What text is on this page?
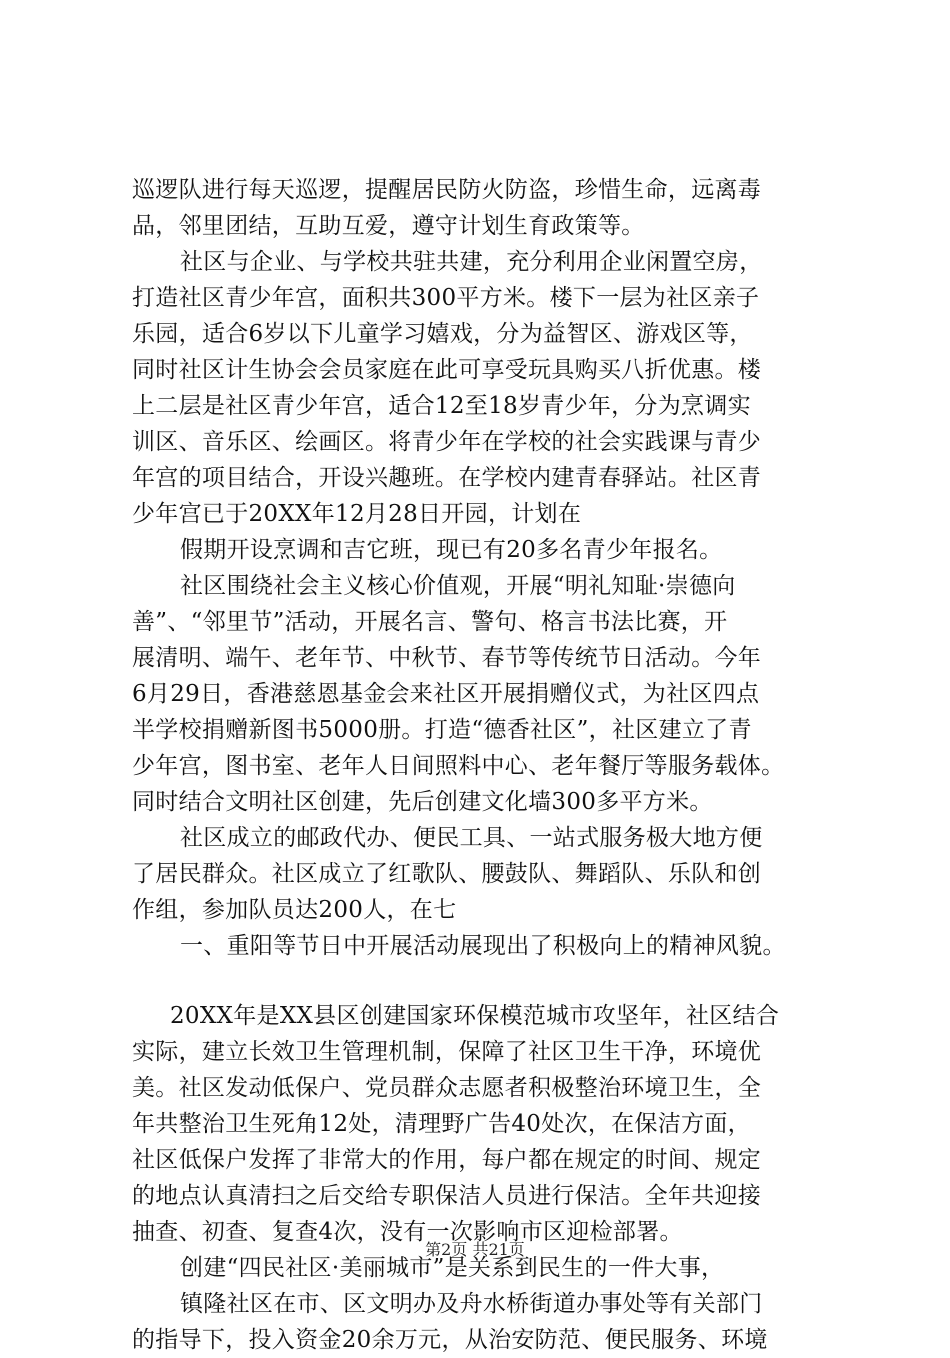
巡逻队进行每天巡逻，提醒居民防火防盗，珍惜生命，远离毒
品，邻里团结，互助互爱，遵守计划生育政策等。
社区与企业、与学校共驻共建，充分利用企业闲置空房，
打造社区青少年宫，面积共300平方米。楼下一层为社区亲子
乐园，适合6岁以下儿童学习嬉戏，分为益智区、游戏区等，
同时社区计生协会会员家庭在此可享受玩具购买八折优惠。楼
上二层是社区青少年宫，适合12至18岁青少年，分为烹调实
训区、音乐区、绘画区。将青少年在学校的社会实践课与青少
年宫的项目结合，开设兴趣班。在学校内建青春驿站。社区青
少年宫已于20XX年12月28日开园，计划在
假期开设烹调和吉它班，现已有20多名青少年报名。
社区围绕社会主义核心价值观，开展“明礼知耻·崇德向
善”、“邻里节”活动，开展名言、警句、格言书法比赛，开
展清明、端午、老年节、中秋节、春节等传统节日活动。今年
6月29日，香港慈恩基金会来社区开展捐赠仪式，为社区四点
半学校捐赠新图书5000册。打造“德香社区”，社区建立了青
少年宫，图书室、老年人日间照料中心、老年餐厅等服务载体。
同时结合文明社区创建，先后创建文化墙300多平方米。
社区成立的邮政代办、便民工具、一站式服务极大地方便
了居民群众。社区成立了红歌队、腰鼓队、舞蹈队、乐队和创
作组，参加队员达200人，在七
一、重阳等节日中开展活动展现出了积极向上的精神风貌。
20XX年是XX县区创建国家环保模范城市攻坚年，社区结合
实际，建立长效卫生管理机制，保障了社区卫生干净，环境优
美。社区发动低保户、党员群众志愿者积极整治环境卫生，全
年共整治卫生死角12处，清理野广告40处次，在保洁方面，
社区低保户发挥了非常大的作用，每户都在规定的时间、规定
的地点认真清扫之后交给专职保洁人员进行保洁。全年共迎接
抽查、初查、复查4次，没有一次影响市区迎检部署。
创建“四民社区·美丽城市”是关系到民生的一件大事，
镇隆社区在市、区文明办及舟水桥街道办事处等有关部门
的指导下，投入资金20余万元，从治安防范、便民服务、环境
第2页 共21页
